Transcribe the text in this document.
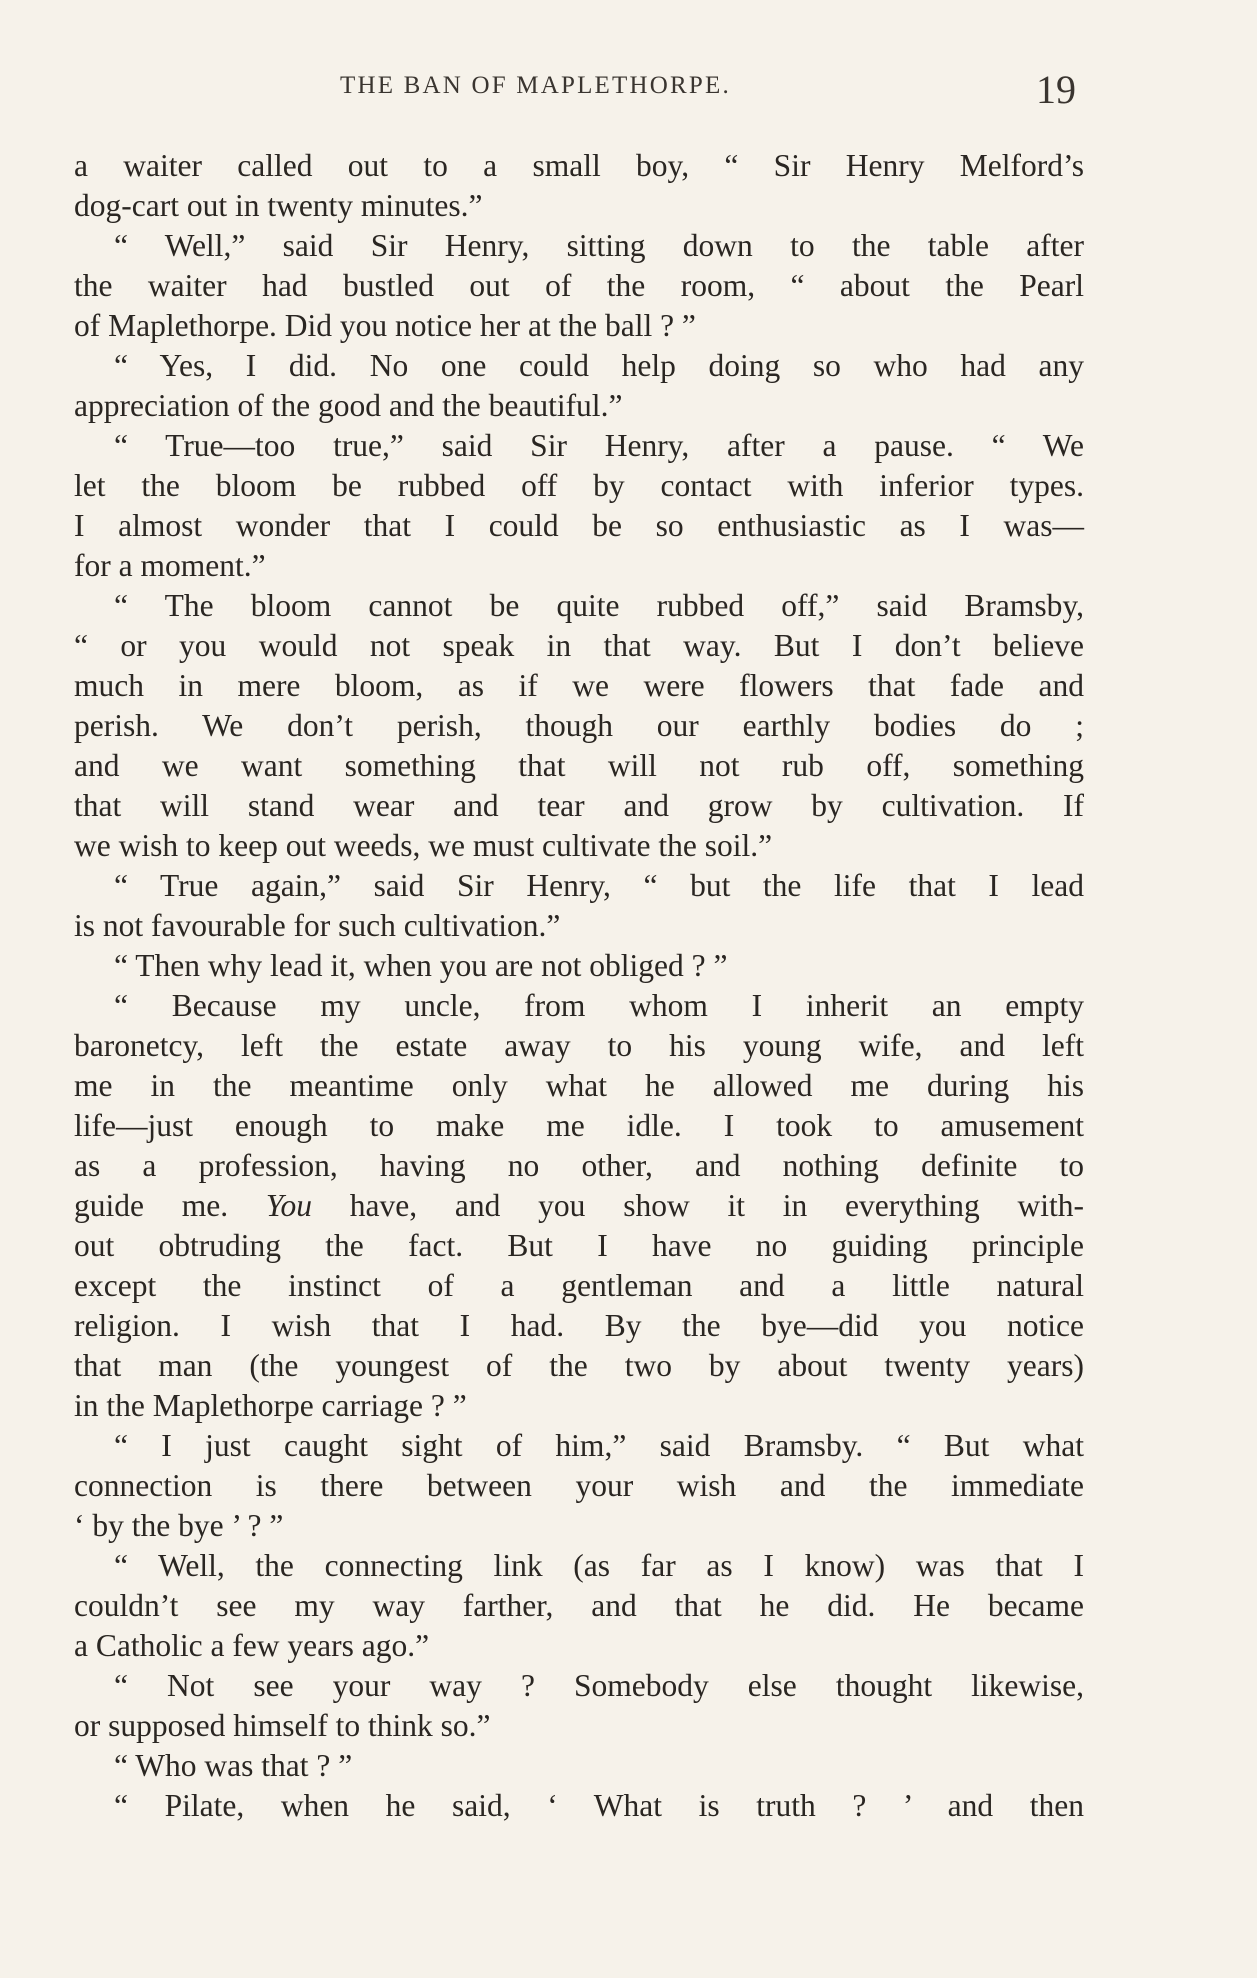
THE BAN OF MAPLETHORPE.	19
a waiter called out to a small boy, “ Sir Henry Melford’s
dog-cart out in twenty minutes.”
“ Well,” said Sir Henry, sitting down to the table after
the waiter had bustled out of the room, “ about the Pearl
of Maplethorpe. Did you notice her at the ball ? ”
“ Yes, I did. No one could help doing so who had any
appreciation of the good and the beautiful.”
“ True—too true,” said Sir Henry, after a pause. “ We
let the bloom be rubbed off by contact with inferior types.
I almost wonder that I could be so enthusiastic as I was—
for a moment.”
“ The bloom cannot be quite rubbed off,” said Bramsby,
“ or you would not speak in that way. But I don’t believe
much in mere bloom, as if we were flowers that fade and
perish. We don’t perish, though our earthly bodies do ;
and we want something that will not rub off, something
that will stand wear and tear and grow by cultivation. If
we wish to keep out weeds, we must cultivate the soil.”
“ True again,” said Sir Henry, “ but the life that I lead
is not favourable for such cultivation.”
“ Then why lead it, when you are not obliged ? ”
“ Because my uncle, from whom I inherit an empty
baronetcy, left the estate away to his young wife, and left
me in the meantime only what he allowed me during his
life—just enough to make me idle. I took to amusement
as a profession, having no other, and nothing definite to
guide me. You have, and you show it in everything with-
out obtruding the fact. But I have no guiding principle
except the instinct of a gentleman and a little natural
religion. I wish that I had. By the bye—did you notice
that man (the youngest of the two by about twenty years)
in the Maplethorpe carriage ? ”
“ I just caught sight of him,” said Bramsby. “ But what
connection is there between your wish and the immediate
‘ by the bye ’ ? ”
“ Well, the connecting link (as far as I know) was that I
couldn’t see my way farther, and that he did. He became
a Catholic a few years ago.”
“ Not see your way ? Somebody else thought likewise,
or supposed himself to think so.”
“ Who was that ? ”
“ Pilate, when he said, ‘ What is truth ? ’ and then
